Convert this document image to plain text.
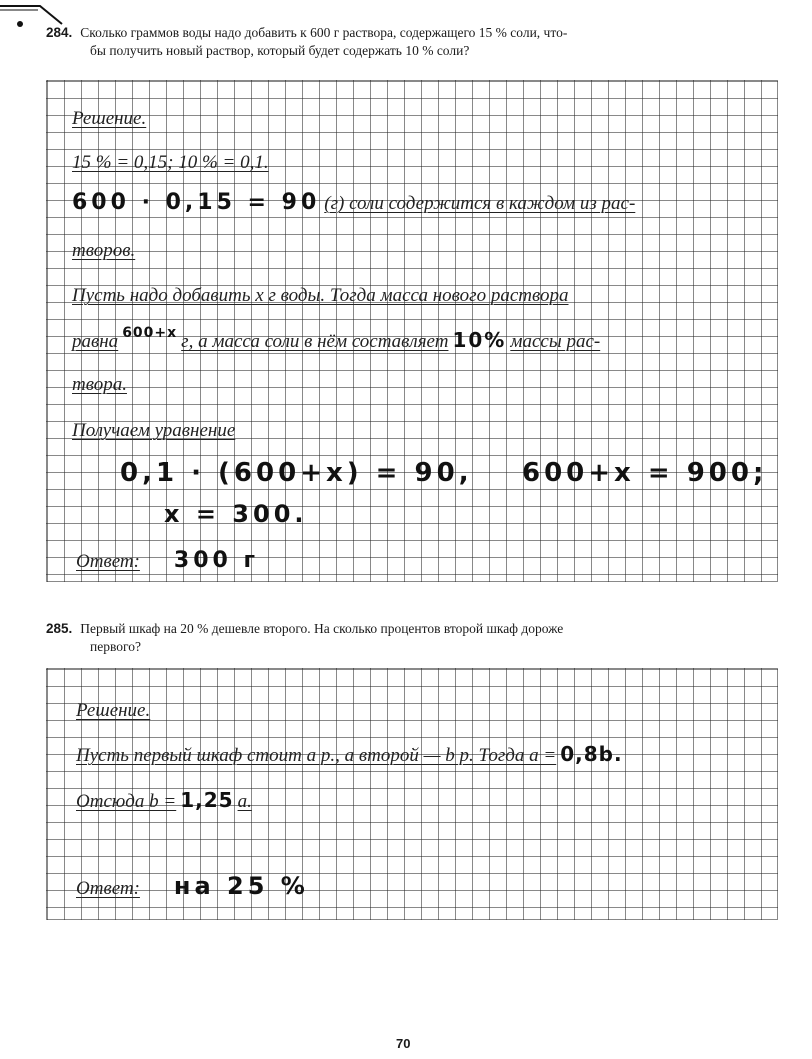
284. Сколько граммов воды надо добавить к 600 г раствора, содержащего 15 % соли, что-
бы получить новый раствор, который будет содержать 10 % соли?
Решение.
15 % = 0,15; 10 % = 0,1.
600 · 0,15 = 90 (г) соли содержится в каждом из рас-
творов.
Пусть надо добавить x г воды. Тогда масса нового раствора
равна 600+x г, а масса соли в нём составляет 10% массы рас-
твора.
Получаем уравнение
0,1 · (600+x) = 90, 600+x = 900;
x = 300.
Ответ: 300 г
285. Первый шкаф на 20 % дешевле второго. На сколько процентов второй шкаф дороже
первого?
Решение.
Пусть первый шкаф стоит a р., а второй — b р. Тогда a = 0,8b.
Отсюда b = 1,25 a.
Ответ: на 25 %
70
